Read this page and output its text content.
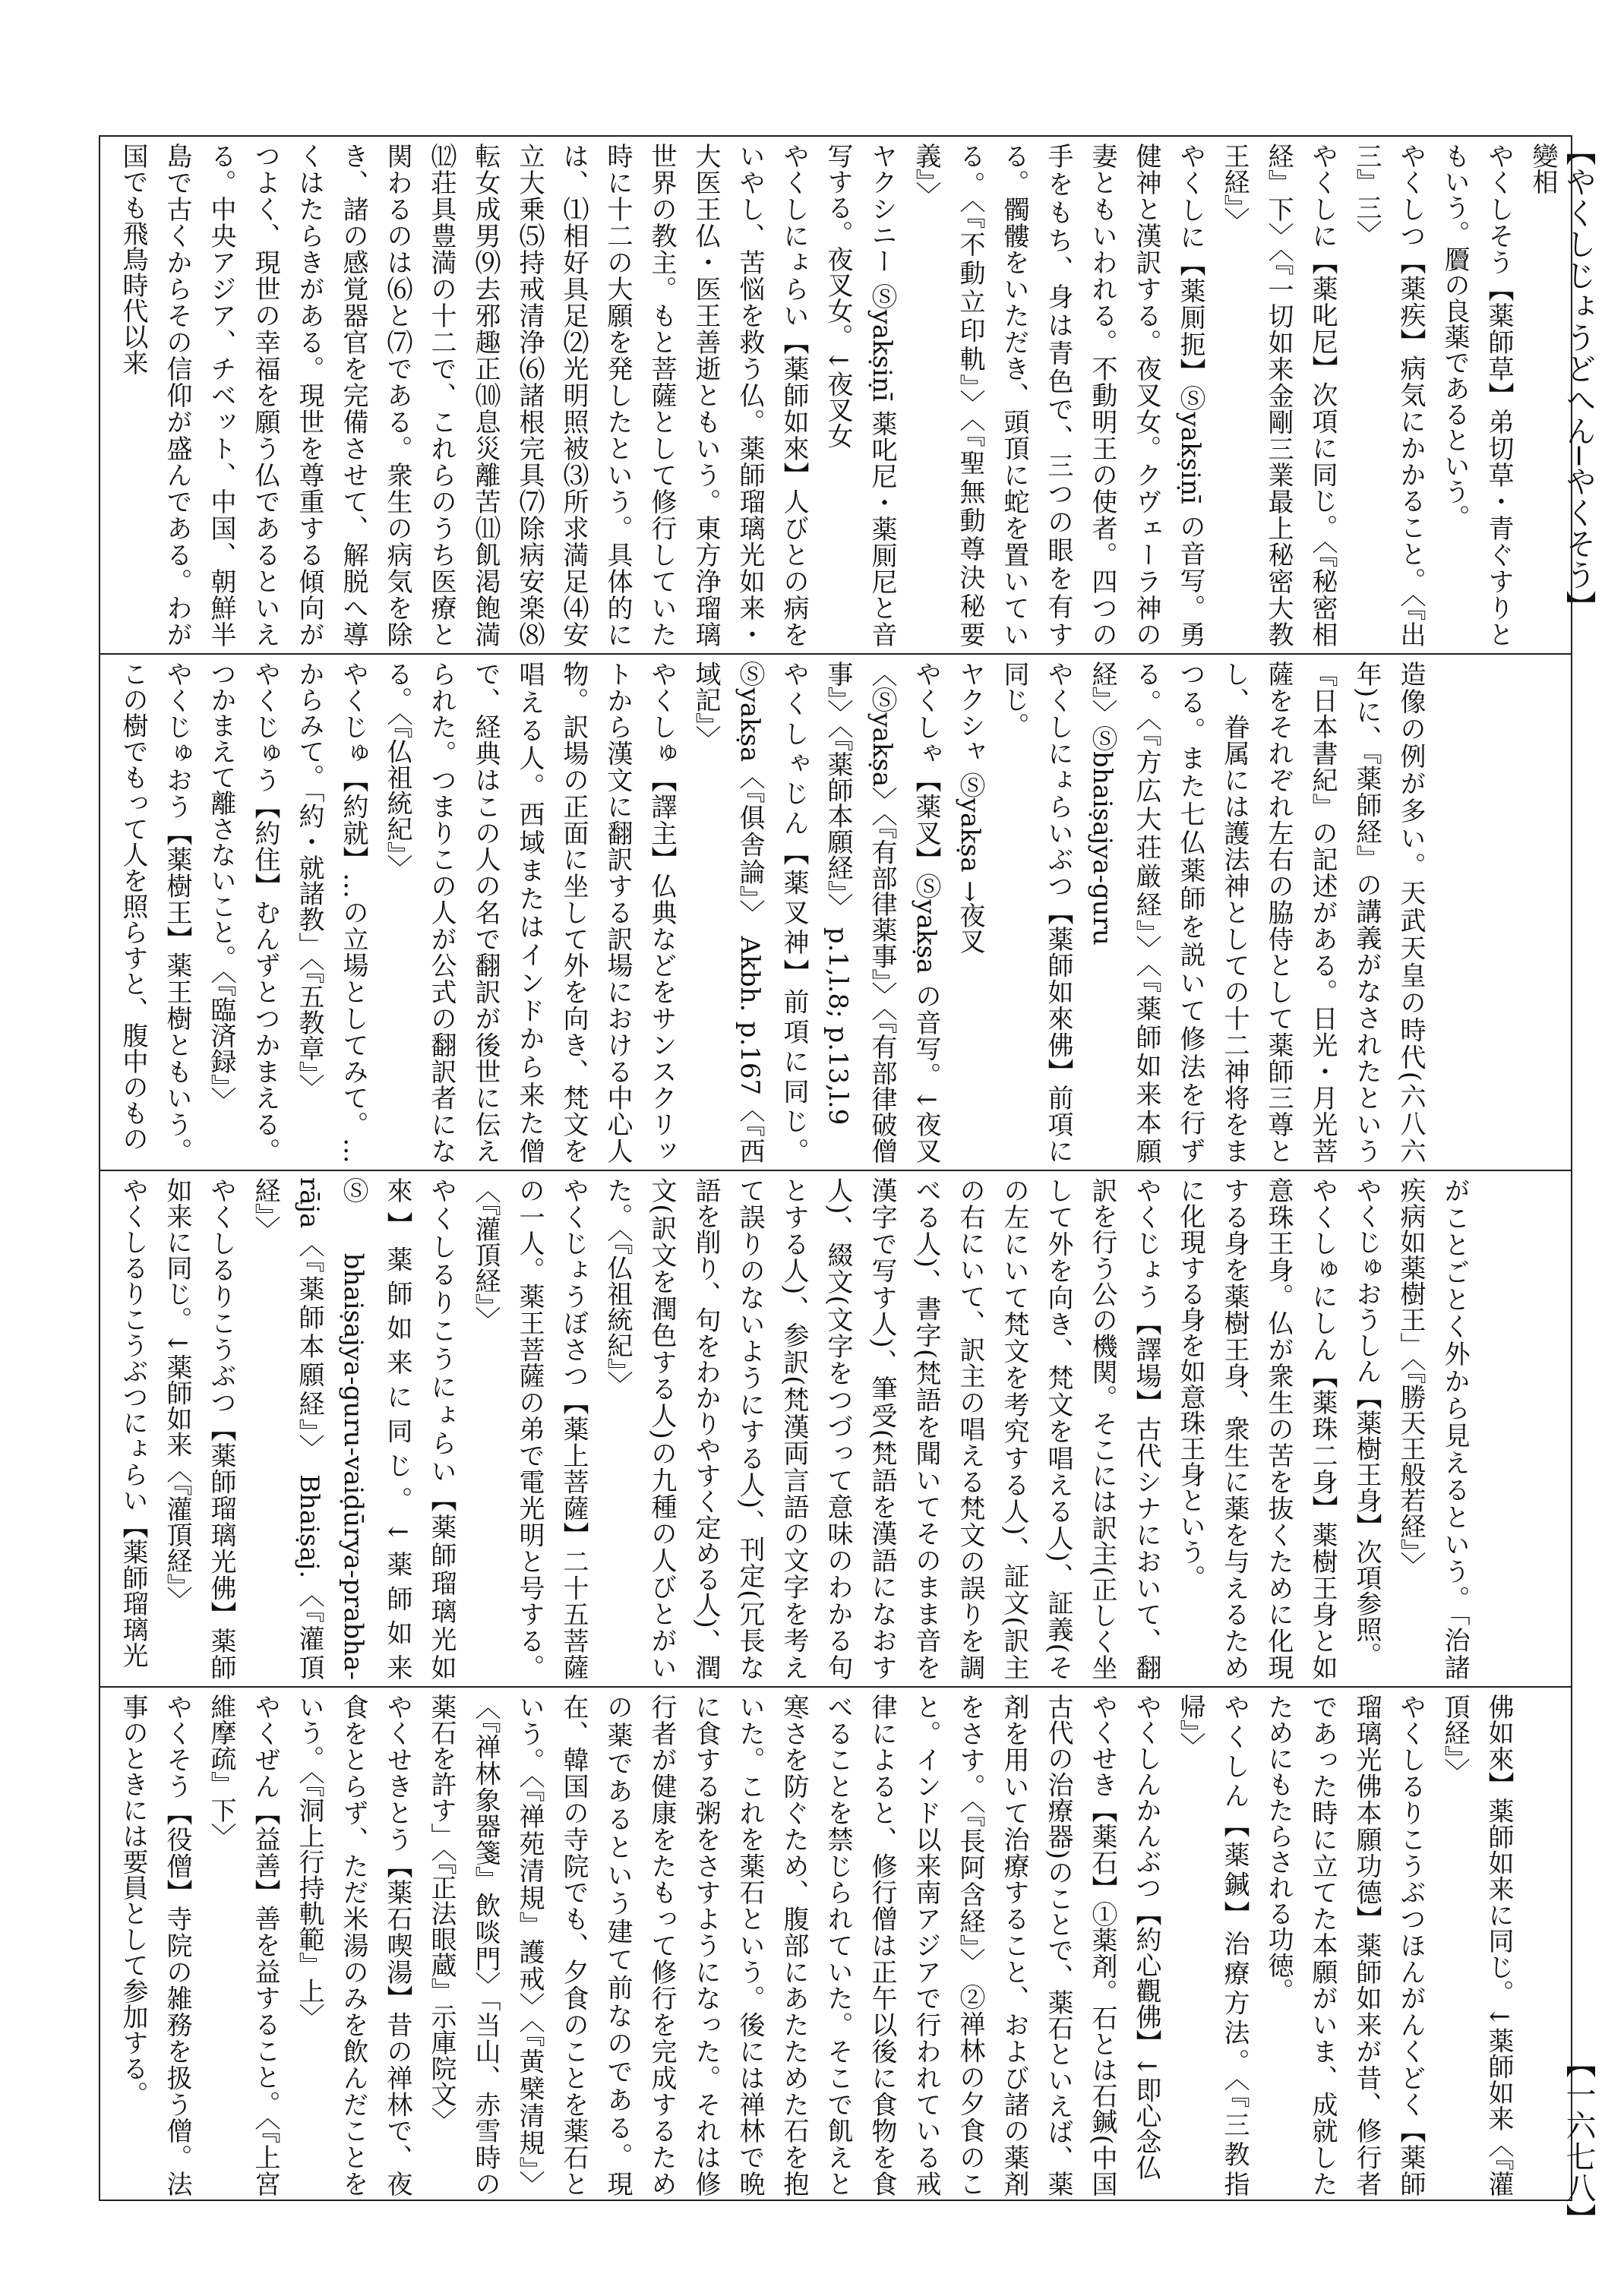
【やくしじょうどへん─やくそう】
變相
やくしそう【薬師草】弟切草・青ぐすりともいう。贗の良薬であるという。
やくしつ【薬疾】病気にかかること。〈『出三』三〉
やくしに【薬叱尼】次項に同じ。〈『秘密相経』下〉〈『一切如来金剛三業最上秘密大教王経』〉
やくしに【薬厠扼】Ⓢyakṣiṇī の音写。勇健神と漢訳する。夜叉女。クヴェーラ神の妻ともいわれる。不動明王の使者。四つの手をもち、身は青色で、三つの眼を有する。髑髏をいただき、頭頂に蛇を置いている。〈『不動立印軌』〉〈『聖無動尊決秘要義』〉
ヤクシニー Ⓢyakṣiṇī 薬叱尼・薬厠尼と音写する。夜叉女。↓夜叉女
やくしにょらい【薬師如來】人びとの病をいやし、苦悩を救う仏。薬師瑠璃光如来・大医王仏・医王善逝ともいう。東方浄瑠璃世界の教主。もと菩薩として修行していた時に十二の大願を発したという。具体的には、⑴相好具足⑵光明照被⑶所求満足⑷安立大乗⑸持戒清浄⑹諸根完具⑺除病安楽⑻転女成男⑼去邪趣正⑽息災離苦⑾飢渇飽満⑿荘具豊満の十二で、これらのうち医療と関わるのは⑹と⑺である。衆生の病気を除き、諸の感覚器官を完備させて、解脱へ導くはたらきがある。現世を尊重する傾向がつよく、現世の幸福を願う仏であるといえる。中央アジア、チベット、中国、朝鮮半島で古くからその信仰が盛んである。わが国でも飛鳥時代以来
造像の例が多い。天武天皇の時代(六八六年)に、『薬師経』の講義がなされたという『日本書紀』の記述がある。日光・月光菩薩をそれぞれ左右の脇侍として薬師三尊とし、眷属には護法神としての十二神将をまつる。また七仏薬師を説いて修法を行ずる。〈『方広大荘厳経』〉〈『薬師如来本願経』〉Ⓢbhaiṣajya-guru
やくしにょらいぶつ【薬師如來佛】前項に同じ。
ヤクシャ Ⓢyakṣa →夜叉
やくしゃ【薬叉】Ⓢyakṣa の音写。↓夜叉〈Ⓢyakṣa〉〈『有部律薬事』〉〈『有部律破僧事』〉〈『薬師本願経』〉 p.1,l.8; p.13,l.9
やくしゃじん【薬叉神】前項に同じ。Ⓢyakṣa〈『俱舎論』〉 Akbh. p.167〈『西域記』〉
やくしゅ【譯主】仏典などをサンスクリットから漢文に翻訳する訳場における中心人物。訳場の正面に坐して外を向き、梵文を唱える人。西域またはインドから来た僧で、経典はこの人の名で翻訳が後世に伝えられた。つまりこの人が公式の翻訳者になる。〈『仏祖統紀』〉
やくじゅ【約就】…の立場としてみて。…からみて。「約・就諸教」〈『五教章』〉
やくじゅう【約住】むんずとつかまえる。つかまえて離さないこと。〈『臨済録』〉
やくじゅおう【薬樹王】薬王樹ともいう。この樹でもって人を照らすと、腹中のもの
がことごとく外から見えるという。「治諸疾病如薬樹王」〈『勝天王般若経』〉
やくじゅおうしん【薬樹王身】次項参照。
やくしゅにしん【薬珠二身】薬樹王身と如意珠王身。仏が衆生の苦を抜くために化現する身を薬樹王身、衆生に薬を与えるために化現する身を如意珠王身という。
やくじょう【譯場】古代シナにおいて、翻訳を行う公の機関。そこには訳主(正しく坐して外を向き、梵文を唱える人)、証義(その左にいて梵文を考究する人)、証文(訳主の右にいて、訳主の唱える梵文の誤りを調べる人)、書字(梵語を聞いてそのまま音を漢字で写す人)、筆受(梵語を漢語になおす人)、綴文(文字をつづって意味のわかる句とする人)、参訳(梵漢両言語の文字を考えて誤りのないようにする人)、刊定(冗長な語を削り、句をわかりやすく定める人)、潤文(訳文を潤色する人)の九種の人びとがいた。〈『仏祖統紀』〉
やくじょうぼさつ【薬上菩薩】二十五菩薩の一人。薬王菩薩の弟で電光明と号する。〈『灌頂経』〉
やくしるりこうにょらい【薬師瑠璃光如來】薬師如来に同じ。↓薬師如来 Ⓢbhaiṣajya-guru-vaiḍūrya-prabha-rāja〈『薬師本願経』〉 Bhaiṣaj.〈『灌頂経』〉
やくしるりこうぶつ【薬師瑠璃光佛】薬師如来に同じ。↓薬師如来〈『灌頂経』〉
やくしるりこうぶつにょらい【薬師瑠璃光
佛如來】薬師如来に同じ。↓薬師如来〈『灌頂経』〉
やくしるりこうぶつほんがんくどく【薬師瑠璃光佛本願功德】薬師如来が昔、修行者であった時に立てた本願がいま、成就したためにもたらされる功徳。
やくしん【薬鍼】治療方法。〈『三教指帰』〉
やくしんかんぶつ【約心觀佛】↓即心念仏
やくせき【薬石】①薬剤。石とは石鍼(中国古代の治療器)のことで、薬石といえば、薬剤を用いて治療すること、および諸の薬剤をさす。〈『長阿含経』〉 ②禅林の夕食のこと。インド以来南アジアで行われている戒律によると、修行僧は正午以後に食物を食べることを禁じられていた。そこで飢えと寒さを防ぐため、腹部にあたためた石を抱いた。これを薬石という。後には禅林で晩に食する粥をさすようになった。それは修行者が健康をたもって修行を完成するための薬であるという建て前なのである。現在、韓国の寺院でも、夕食のことを薬石という。〈『禅苑清規』護戒〉〈『黄檗清規』〉〈『禅林象器箋』飲啖門〉「当山、赤雪時の薬石を許す」〈『正法眼蔵』示庫院文〉
やくせきとう【薬石喫湯】昔の禅林で、夜食をとらず、ただ米湯のみを飲んだことをいう。〈『洞上行持軌範』上〉
やくぜん【益善】善を益すること。〈『上宮維摩疏』下〉
やくそう【役僧】寺院の雑務を扱う僧。法事のときには要員として参加する。
【一六七八】
